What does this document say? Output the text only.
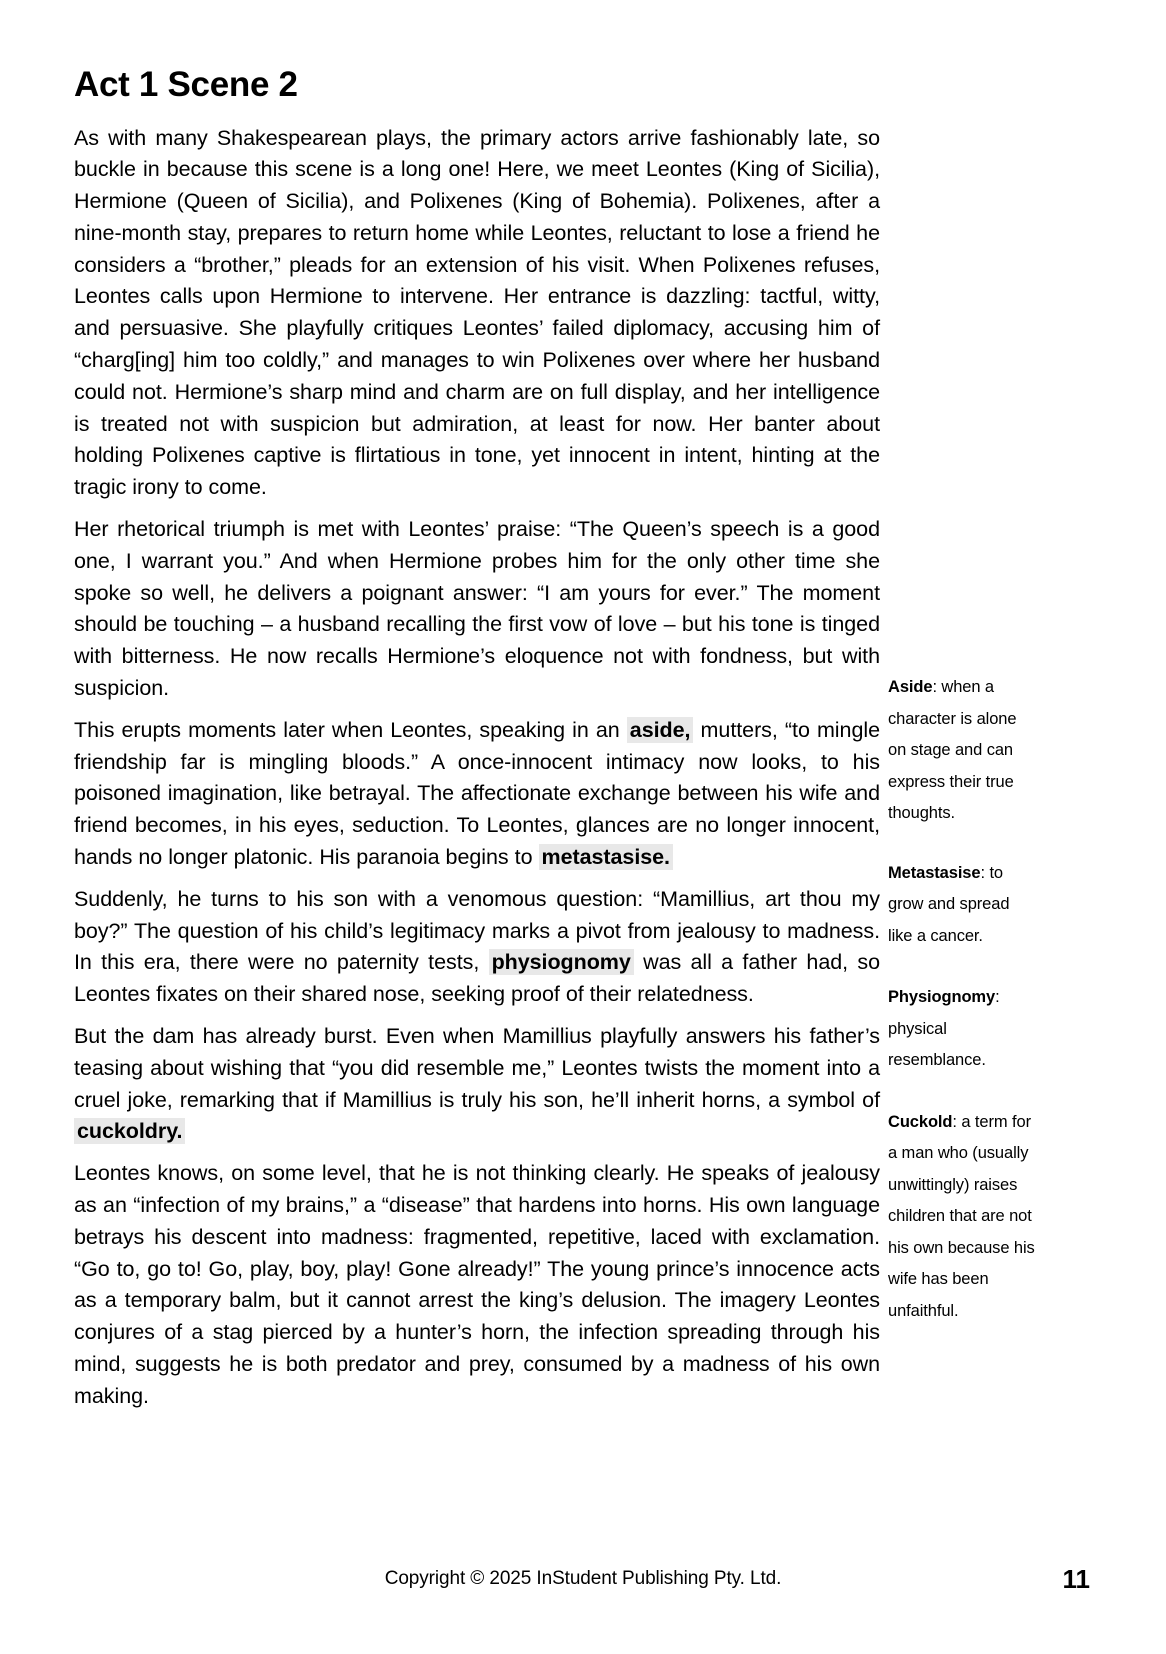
Act 1 Scene 2

As with many Shakespearean plays, the primary actors arrive fashionably late, so buckle in because this scene is a long one! Here, we meet Leontes (King of Sicilia), Hermione (Queen of Sicilia), and Polixenes (King of Bohemia). Polixenes, after a nine-month stay, prepares to return home while Leontes, reluctant to lose a friend he considers a “brother,” pleads for an extension of his visit. When Polixenes refuses, Leontes calls upon Hermione to intervene. Her entrance is dazzling: tactful, witty, and persuasive. She playfully critiques Leontes’ failed diplomacy, accusing him of “charg[ing] him too coldly,” and manages to win Polixenes over where her husband could not. Hermione’s sharp mind and charm are on full display, and her intelligence is treated not with suspicion but admiration, at least for now. Her banter about holding Polixenes captive is flirtatious in tone, yet innocent in intent, hinting at the tragic irony to come.

Her rhetorical triumph is met with Leontes’ praise: “The Queen’s speech is a good one, I warrant you.” And when Hermione probes him for the only other time she spoke so well, he delivers a poignant answer: “I am yours for ever.” The moment should be touching – a husband recalling the first vow of love – but his tone is tinged with bitterness. He now recalls Hermione’s eloquence not with fondness, but with suspicion.

This erupts moments later when Leontes, speaking in an aside, mutters, “to mingle friendship far is mingling bloods.” A once-innocent intimacy now looks, to his poisoned imagination, like betrayal. The affectionate exchange between his wife and friend becomes, in his eyes, seduction. To Leontes, glances are no longer innocent, hands no longer platonic. His paranoia begins to metastasise.

Suddenly, he turns to his son with a venomous question: “Mamillius, art thou my boy?” The question of his child’s legitimacy marks a pivot from jealousy to madness. In this era, there were no paternity tests, physiognomy was all a father had, so Leontes fixates on their shared nose, seeking proof of their relatedness.

But the dam has already burst. Even when Mamillius playfully answers his father’s teasing about wishing that “you did resemble me,” Leontes twists the moment into a cruel joke, remarking that if Mamillius is truly his son, he’ll inherit horns, a symbol of cuckoldry.

Leontes knows, on some level, that he is not thinking clearly. He speaks of jealousy as an “infection of my brains,” a “disease” that hardens into horns. His own language betrays his descent into madness: fragmented, repetitive, laced with exclamation. “Go to, go to! Go, play, boy, play! Gone already!” The young prince’s innocence acts as a temporary balm, but it cannot arrest the king’s delusion. The imagery Leontes conjures of a stag pierced by a hunter’s horn, the infection spreading through his mind, suggests he is both predator and prey, consumed by a madness of his own making.

Aside: when a character is alone on stage and can express their true thoughts.
Metastasise: to grow and spread like a cancer.
Physiognomy: physical resemblance.
Cuckold: a term for a man who (usually unwittingly) raises children that are not his own because his wife has been unfaithful.
Copyright © 2025 InStudent Publishing Pty. Ltd.	11
